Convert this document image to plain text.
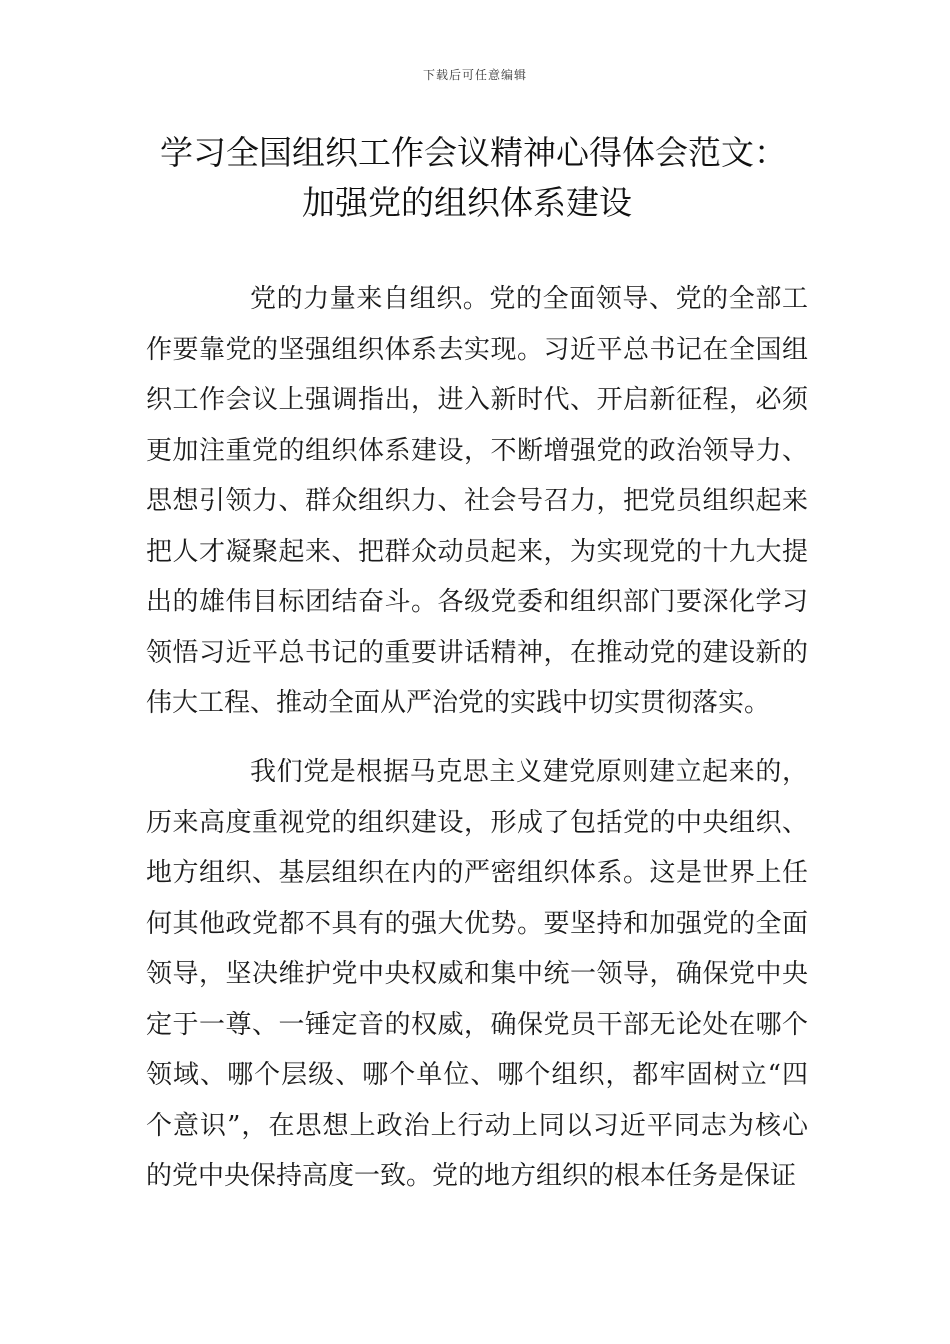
下载后可任意编辑
学习全国组织工作会议精神心得体会范文：
加强党的组织体系建设

党的力量来自组织。党的全面领导、党的全部工作要靠党的坚强组织体系去实现。习近平总书记在全国组织工作会议上强调指出，进入新时代、开启新征程，必须更加注重党的组织体系建设，不断增强党的政治领导力、思想引领力、群众组织力、社会号召力，把党员组织起来把人才凝聚起来、把群众动员起来，为实现党的十九大提出的雄伟目标团结奋斗。各级党委和组织部门要深化学习领悟习近平总书记的重要讲话精神，在推动党的建设新的伟大工程、推动全面从严治党的实践中切实贯彻落实。

我们党是根据马克思主义建党原则建立起来的，历来高度重视党的组织建设，形成了包括党的中央组织、地方组织、基层组织在内的严密组织体系。这是世界上任何其他政党都不具有的强大优势。要坚持和加强党的全面领导，坚决维护党中央权威和集中统一领导，确保党中央定于一尊、一锤定音的权威，确保党员干部无论处在哪个领域、哪个层级、哪个单位、哪个组织，都牢固树立“四个意识”，在思想上政治上行动上同以习近平同志为核心的党中央保持高度一致。党的地方组织的根本任务是保证
